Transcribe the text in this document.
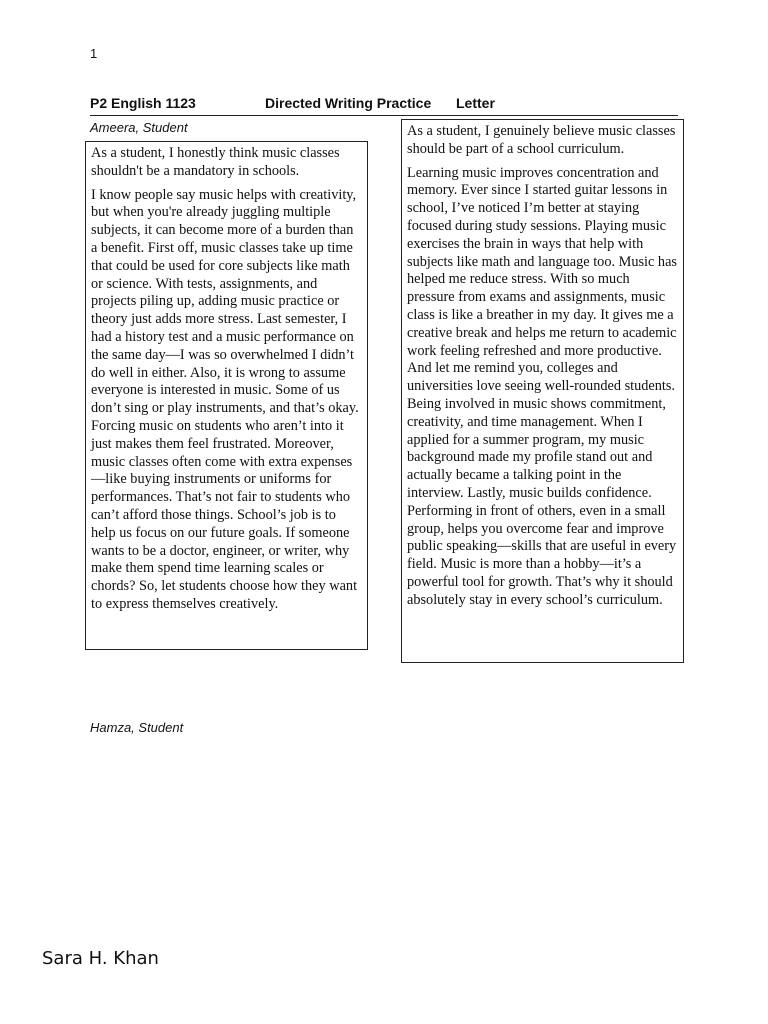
1
P2 English 1123	Directed Writing Practice Letter
Ameera, Student

As a student, I honestly think music classes shouldn't be a mandatory in schools.

I know people say music helps with creativity, but when you're already juggling multiple subjects, it can become more of a burden than a benefit. First off, music classes take up time that could be used for core subjects like math or science. With tests, assignments, and projects piling up, adding music practice or theory just adds more stress. Last semester, I had a history test and a music performance on the same day—I was so overwhelmed I didn’t do well in either. Also, it is wrong to assume everyone is interested in music. Some of us don’t sing or play instruments, and that’s okay. Forcing music on students who aren’t into it just makes them feel frustrated. Moreover, music classes often come with extra expenses—like buying instruments or uniforms for performances. That’s not fair to students who can’t afford those things. School’s job is to help us focus on our future goals. If someone wants to be a doctor, engineer, or writer, why make them spend time learning scales or chords? So, let students choose how they want to express themselves creatively.

As a student, I genuinely believe music classes should be part of a school curriculum.

Learning music improves concentration and memory. Ever since I started guitar lessons in school, I’ve noticed I’m better at staying focused during study sessions. Playing music exercises the brain in ways that help with subjects like math and language too. Music has helped me reduce stress. With so much pressure from exams and assignments, music class is like a breather in my day. It gives me a creative break and helps me return to academic work feeling refreshed and more productive. And let me remind you, colleges and universities love seeing well-rounded students. Being involved in music shows commitment, creativity, and time management. When I applied for a summer program, my music background made my profile stand out and actually became a talking point in the interview. Lastly, music builds confidence. Performing in front of others, even in a small group, helps you overcome fear and improve public speaking—skills that are useful in every field. Music is more than a hobby—it’s a powerful tool for growth. That’s why it should absolutely stay in every school’s curriculum.

Hamza, Student
Sara H. Khan
